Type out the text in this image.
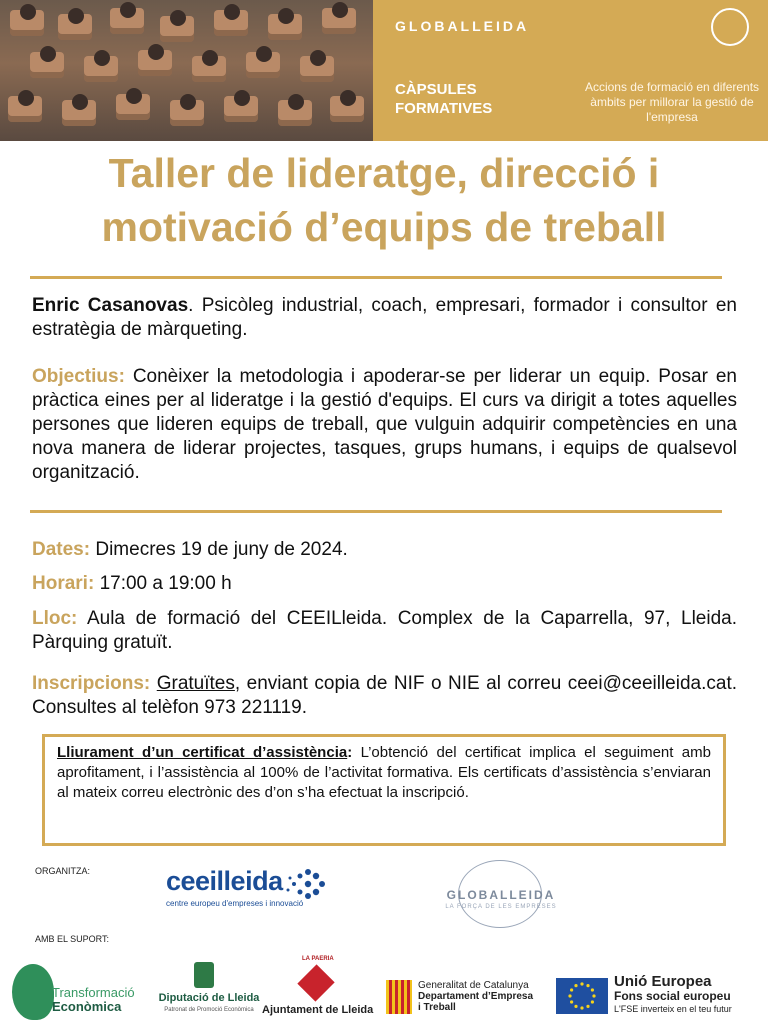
GLOBALLEIDA
CÀPSULES
FORMATIVES
Accions de formació en diferents àmbits per millorar la gestió de l'empresa
Taller de lideratge, direcció i
motivació d’equips de treball
Enric Casanovas. Psicòleg industrial, coach, empresari, formador i consultor en estratègia de màrqueting.
Objectius: Conèixer la metodologia i apoderar-se per liderar un equip. Posar en pràctica eines per al lideratge i la gestió d'equips. El curs va dirigit a totes aquelles persones que lideren equips de treball, que vulguin adquirir competències en una nova manera de liderar projectes, tasques, grups humans, i equips de qualsevol organització.
Dates: Dimecres 19 de juny de 2024.
Horari: 17:00 a 19:00 h
Lloc: Aula de formació del CEEILleida. Complex de la Caparrella, 97, Lleida. Pàrquing gratuït.
Inscripcions: Gratuïtes, enviant copia de NIF o NIE al correu ceei@ceeilleida.cat. Consultes al telèfon 973 221119.
Lliurament d’un certificat d’assistència: L’obtenció del certificat implica el seguiment amb aprofitament, i l’assistència al 100% de l’activitat formativa. Els certificats d’assistència s’enviaran al mateix correu electrònic des d’on s’ha efectuat la inscripció.
ORGANITZA:	ceeilleida
centre europeu d'empreses i innovació
GLOBALLEIDA
LA FORÇA DE LES EMPRESES
AMB EL SUPORT:
Transformació
Econòmica
Diputació de Lleida
Patronat de Promoció Econòmica
LA PAERIA
Ajuntament de Lleida
Generalitat de Catalunya
Departament d’Empresa
i Treball
Unió Europea
Fons social europeu
L'FSE inverteix en el teu futur
